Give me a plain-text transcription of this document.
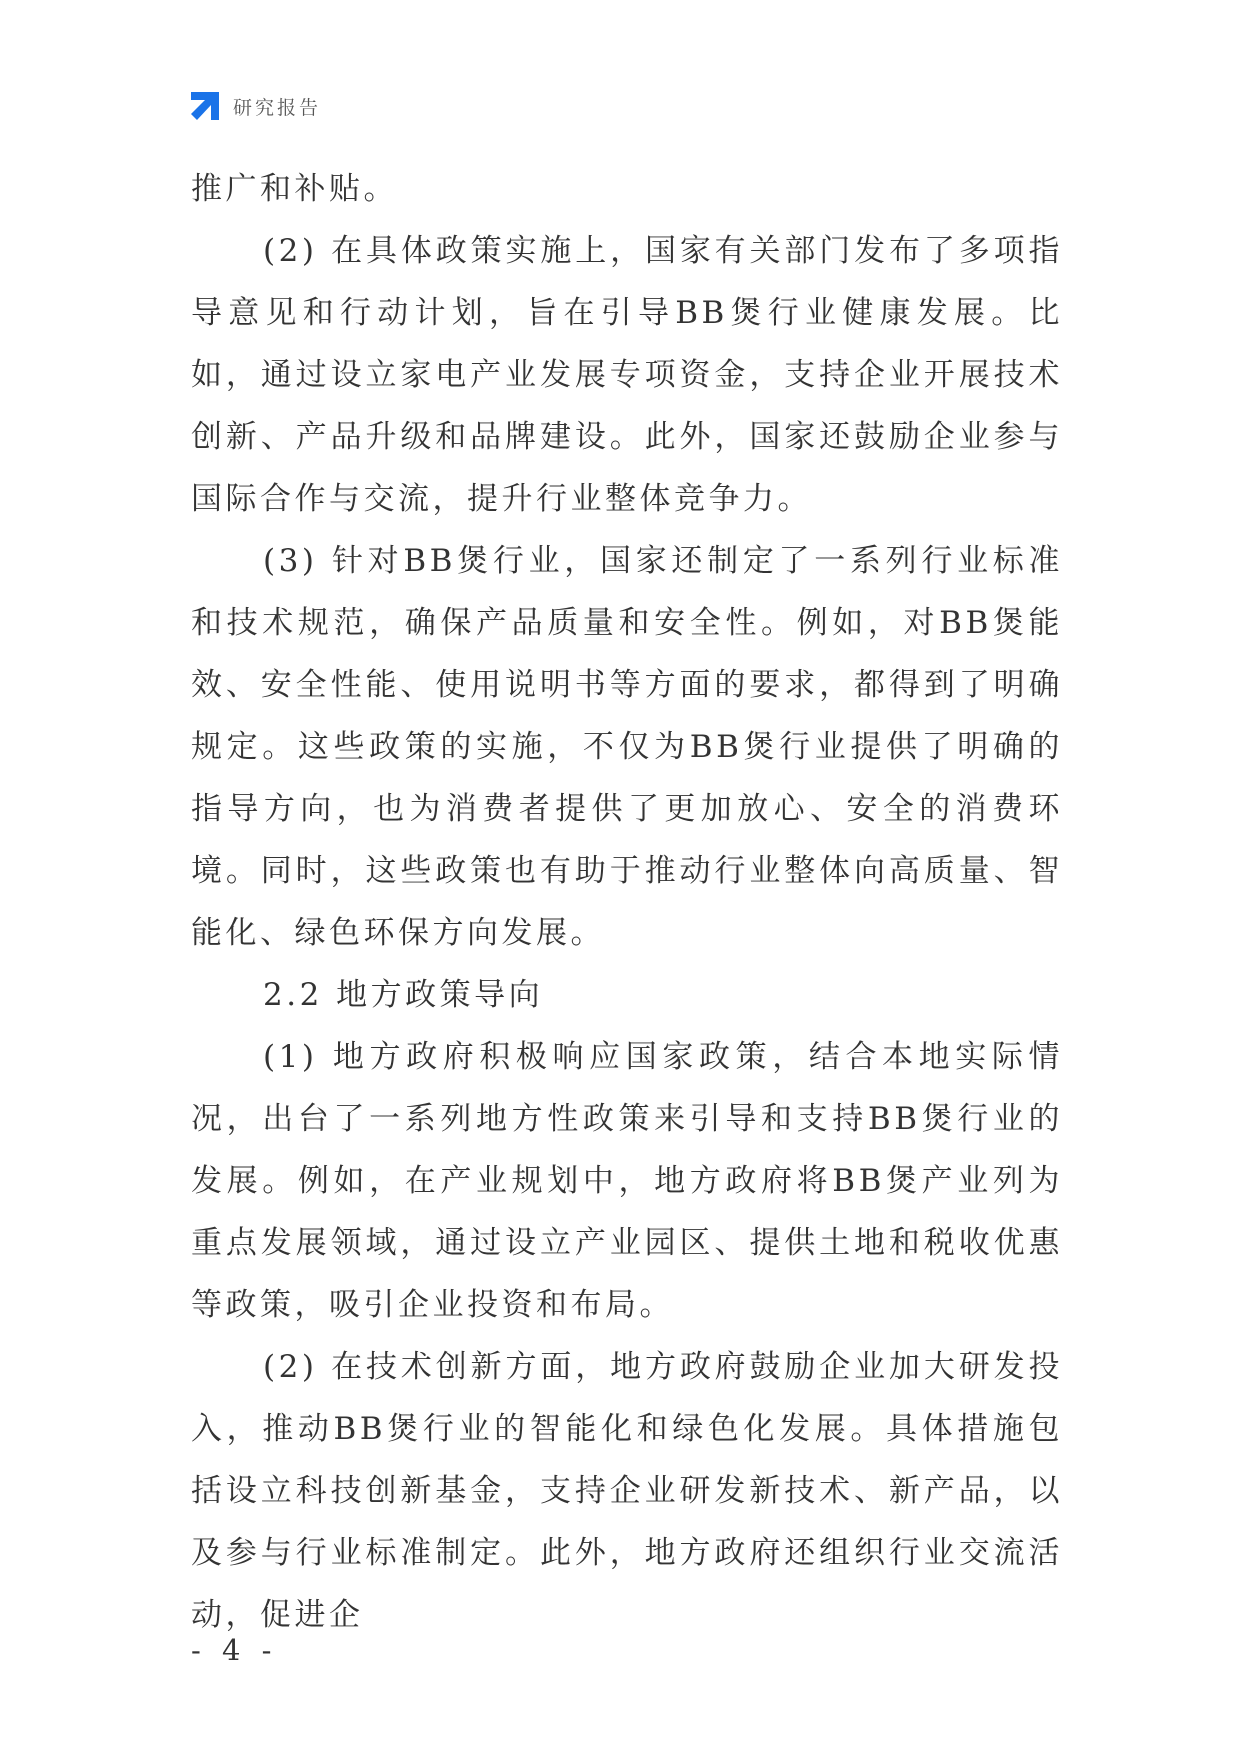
研究报告

推广和补贴。

(2) 在具体政策实施上，国家有关部门发布了多项指导意见和行动计划，旨在引导BB煲行业健康发展。比如，通过设立家电产业发展专项资金，支持企业开展技术创新、产品升级和品牌建设。此外，国家还鼓励企业参与国际合作与交流，提升行业整体竞争力。

(3) 针对BB煲行业，国家还制定了一系列行业标准和技术规范，确保产品质量和安全性。例如，对BB煲能效、安全性能、使用说明书等方面的要求，都得到了明确规定。这些政策的实施，不仅为BB煲行业提供了明确的指导方向，也为消费者提供了更加放心、安全的消费环境。同时，这些政策也有助于推动行业整体向高质量、智能化、绿色环保方向发展。

2.2 地方政策导向

(1) 地方政府积极响应国家政策，结合本地实际情况，出台了一系列地方性政策来引导和支持BB煲行业的发展。例如，在产业规划中，地方政府将BB煲产业列为重点发展领域，通过设立产业园区、提供土地和税收优惠等政策，吸引企业投资和布局。

(2) 在技术创新方面，地方政府鼓励企业加大研发投入，推动BB煲行业的智能化和绿色化发展。具体措施包括设立科技创新基金，支持企业研发新技术、新产品，以及参与行业标准制定。此外，地方政府还组织行业交流活动，促进企

- 4 -
